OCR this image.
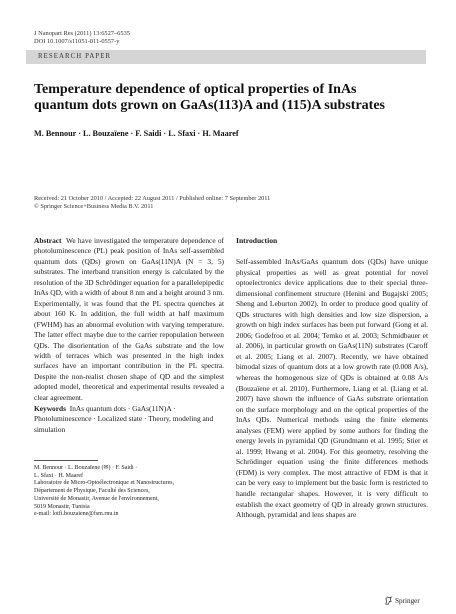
J Nanopart Res (2011) 13:6527–6535
DOI 10.1007/s11051-011-0557-y
RESEARCH PAPER
Temperature dependence of optical properties of InAs quantum dots grown on GaAs(113)A and (115)A substrates
M. Bennour · L. Bouzaïene · F. Saidi · L. Sfaxi · H. Maaref
Received: 21 October 2010 / Accepted: 22 August 2011 / Published online: 7 September 2011
© Springer Science+Business Media B.V. 2011

Abstract We have investigated the temperature dependence of photoluminescence (PL) peak position of InAs self-assembled quantum dots (QDs) grown on GaAs(11N)A (N = 3, 5) substrates. The interband transition energy is calculated by the resolution of the 3D Schrödinger equation for a parallelepipedic InAs QD, with a width of about 8 nm and a height around 3 nm. Experimentally, it was found that the PL spectra quenches at about 160 K. In addition, the full width at half maximum (FWHM) has an abnormal evolution with varying temperature. The latter effect maybe due to the carrier repopulation between QDs. The disorientation of the GaAs substrate and the low width of terraces which was presented in the high index surfaces have an important contribution in the PL spectra. Despite the non-realist chosen shape of QD and the simplest adopted model, theoretical and experimental results revealed a clear agreement.

Keywords InAs quantum dots · GaAs(11N)A · Photoluminescence · Localized state · Theory, modeling and simulation
M. Bennour · L. Bouzaïene (✉) · F. Saidi ·
L. Sfaxi · H. Maaref
Laboratoire de Micro-Optoélectronique et Nanostructures,
Département de Physique, Faculté des Sciences,
Université de Monastir, Avenue de l'environnement,
5019 Monastir, Tunisia
e-mail: lotfi.bouzaiene@fsm.rnu.tn
Introduction
Self-assembled InAs/GaAs quantum dots (QDs) have unique physical properties as well as great potential for novel optoelectronics device applications due to their special three-dimensional confinement structure (Henini and Bugajski 2005; Sheng and Leburton 2002). In order to produce good quality of QDs structures with high densities and low size dispersion, a growth on high index surfaces has been put forward (Gong et al. 2006; Godefroo et al. 2004; Temko et al. 2003; Schmidbauer et al. 2006), in particular growth on GaAs(11N) substrates (Caroff et al. 2005; Liang et al. 2007). Recently, we have obtained bimodal sizes of quantum dots at a low growth rate (0.008 A/s), whereas the homogenous size of QDs is obtained at 0.08 A/s (Bouzaïene et al. 2010). Furthermore, Liang et al. (Liang et al. 2007) have shown the influence of GaAs substrate orientation on the surface morphology and on the optical properties of the InAs QDs. Numerical methods using the finite elements analyses (FEM) were applied by some authors for finding the energy levels in pyramidal QD (Grundmann et al. 1995; Stier et al. 1999; Hwang et al. 2004). For this geometry, resolving the Schrödinger equation using the finite differences methods (FDM) is very complex. The most attractive of FDM is that it can be very easy to implement but the basic form is restricted to handle rectangular shapes. However, it is very difficult to establish the exact geometry of QD in already grown structures. Although, pyramidal and lens shapes are
Springer
